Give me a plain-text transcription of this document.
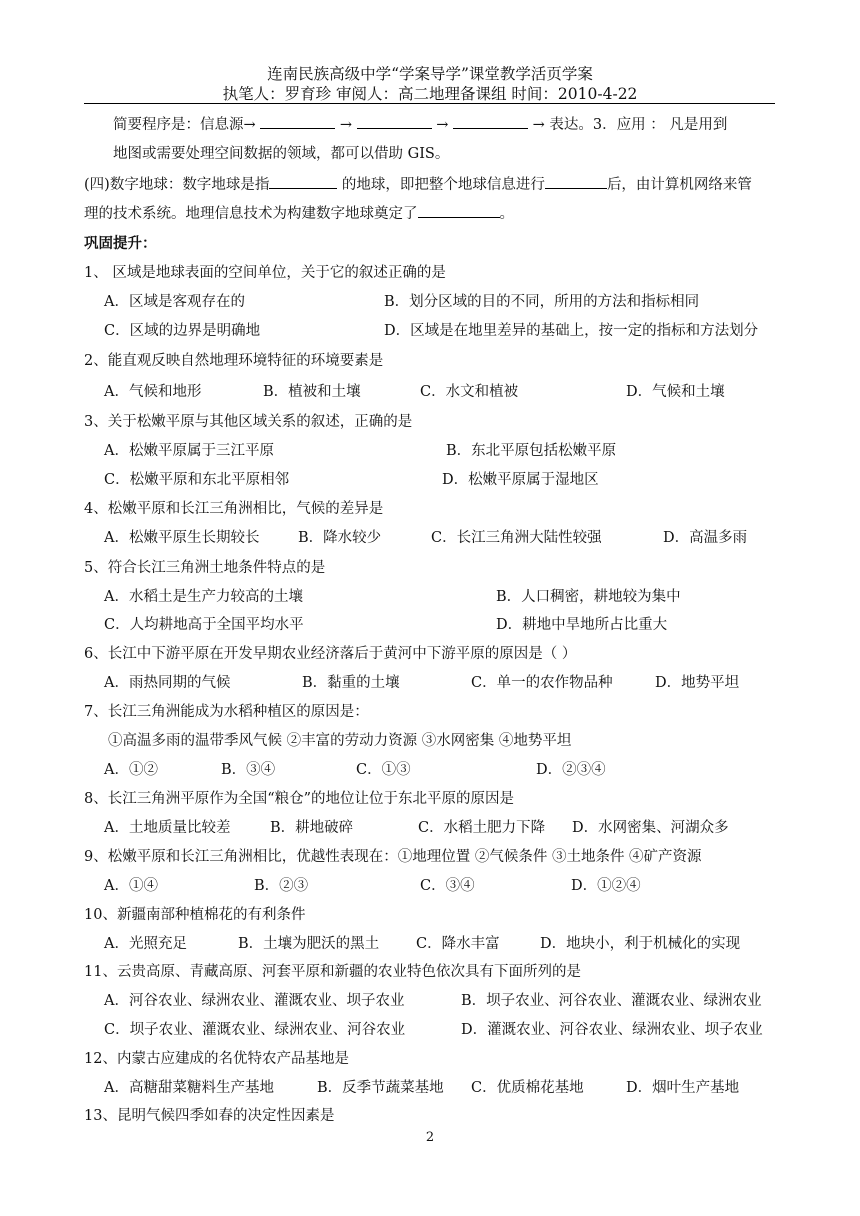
连南民族高级中学“学案导学”课堂教学活页学案
执笔人：罗育珍 审阅人：高二地理备课组 时间：2010-4-22
简要程序是：信息源→	→	→	→ 表达。3．应用 ： 凡是用到
地图或需要处理空间数据的领域，都可以借助 GIS。
(四)数字地球：数字地球是指	的地球，即把整个地球信息进行	后，由计算机网络来管
理的技术系统。地理信息技术为构建数字地球奠定了	。
巩固提升：
1、 区域是地球表面的空间单位，关于它的叙述正确的是
A．区域是客观存在的	B．划分区域的目的不同，所用的方法和指标相同
C．区域的边界是明确地	D．区域是在地里差异的基础上，按一定的指标和方法划分
2、能直观反映自然地理环境特征的环境要素是
A．气候和地形	B．植被和土壤	C．水文和植被	D．气候和土壤
3、关于松嫩平原与其他区域关系的叙述，正确的是
A．松嫩平原属于三江平原	B．东北平原包括松嫩平原
C．松嫩平原和东北平原相邻	D．松嫩平原属于湿地区
4、松嫩平原和长江三角洲相比，气候的差异是
A．松嫩平原生长期较长	B．降水较少	C．长江三角洲大陆性较强	D．高温多雨
5、符合长江三角洲土地条件特点的是
A．水稻土是生产力较高的土壤	B．人口稠密，耕地较为集中
C．人均耕地高于全国平均水平	D．耕地中旱地所占比重大
6、长江中下游平原在开发早期农业经济落后于黄河中下游平原的原因是（ ）
A．雨热同期的气候	B．黏重的土壤	C．单一的农作物品种	D．地势平坦
7、长江三角洲能成为水稻种植区的原因是：
①高温多雨的温带季风气候 ②丰富的劳动力资源 ③水网密集 ④地势平坦
A．①②	B．③④	C．①③	D．②③④
8、长江三角洲平原作为全国“粮仓”的地位让位于东北平原的原因是
A．土地质量比较差	B．耕地破碎	C．水稻土肥力下降 D．水网密集、河湖众多
9、松嫩平原和长江三角洲相比，优越性表现在：①地理位置 ②气候条件 ③土地条件 ④矿产资源
A．①④	B．②③	C．③④	D．①②④
10、新疆南部种植棉花的有利条件
A．光照充足	B．土壤为肥沃的黑土	C．降水丰富	D．地块小，利于机械化的实现
11、云贵高原、青藏高原、河套平原和新疆的农业特色依次具有下面所列的是
A．河谷农业、绿洲农业、灌溉农业、坝子农业	B．坝子农业、河谷农业、灌溉农业、绿洲农业
C．坝子农业、灌溉农业、绿洲农业、河谷农业	D．灌溉农业、河谷农业、绿洲农业、坝子农业
12、内蒙古应建成的名优特农产品基地是
A．高糖甜菜糖料生产基地	B．反季节蔬菜基地 C．优质棉花基地	D．烟叶生产基地
13、昆明气候四季如春的决定性因素是
2
